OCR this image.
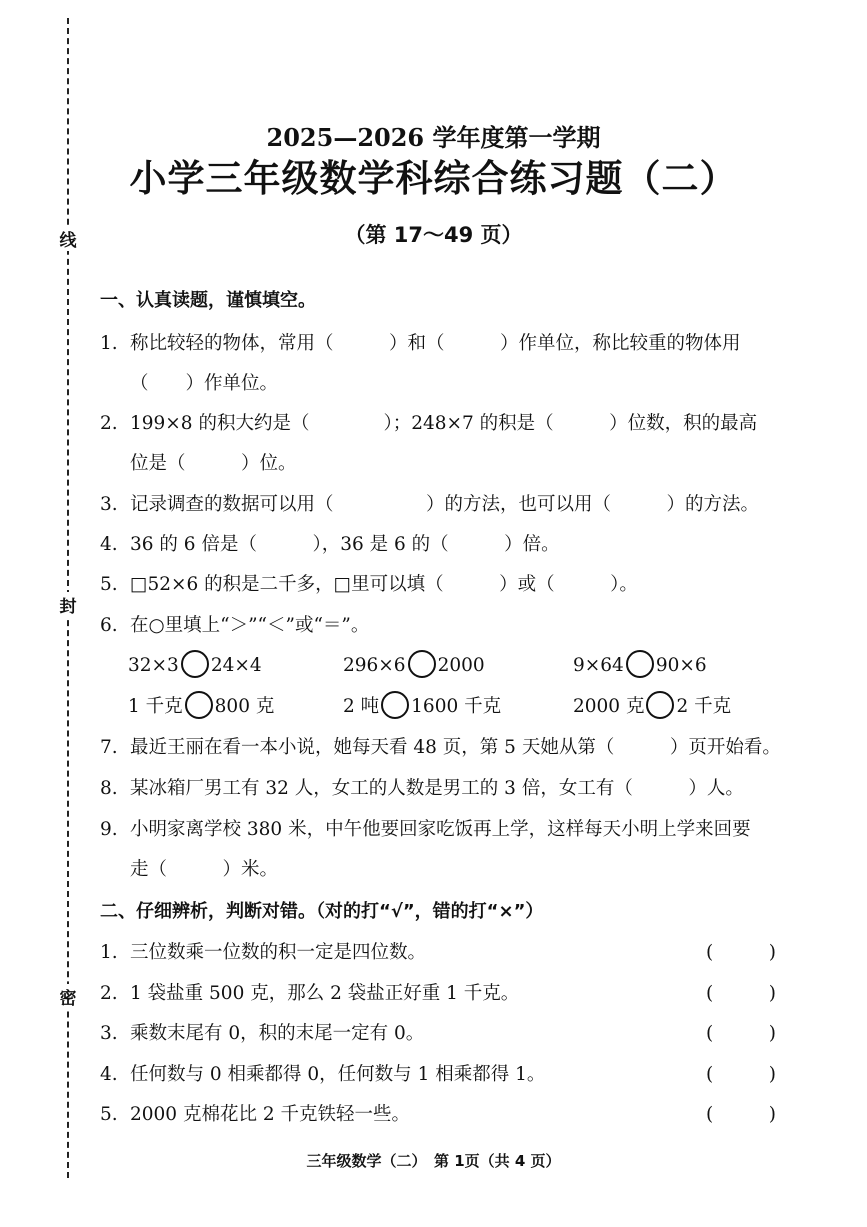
线
封
密
2025—2026 学年度第一学期
小学三年级数学科综合练习题（二）
（第 17～49 页）
一、认真读题，谨慎填空。
1. 称比较轻的物体，常用（　　　）和（　　　）作单位，称比较重的物体用
（　　）作单位。
2. 199×8 的积大约是（　　　　）；248×7 的积是（　　　）位数，积的最高
位是（　　　）位。
3. 记录调查的数据可以用（　　　　　）的方法，也可以用（　　　）的方法。
4. 36 的 6 倍是（　　　），36 是 6 的（　　　）倍。
5. □52×6 的积是二千多，□里可以填（　　　）或（　　　）。
6. 在○里填上“＞”“＜”或“＝”。
32×3 24×4	296×6 2000	9×64 90×6
1 千克 800 克	2 吨 1600 千克	2000 克 2 千克
7. 最近王丽在看一本小说，她每天看 48 页，第 5 天她从第（　　　）页开始看。
8. 某冰箱厂男工有 32 人，女工的人数是男工的 3 倍，女工有（　　　）人。
9. 小明家离学校 380 米，中午他要回家吃饭再上学，这样每天小明上学来回要
走（　　　）米。
二、仔细辨析，判断对错。（对的打“√”，错的打“×”）
1. 三位数乘一位数的积一定是四位数。	(　　　)
2. 1 袋盐重 500 克，那么 2 袋盐正好重 1 千克。	(　　　)
3. 乘数末尾有 0，积的末尾一定有 0。	(　　　)
4. 任何数与 0 相乘都得 0，任何数与 1 相乘都得 1。	(　　　)
5. 2000 克棉花比 2 千克铁轻一些。	(　　　)
三年级数学（二）　第 1页（共 4 页）
